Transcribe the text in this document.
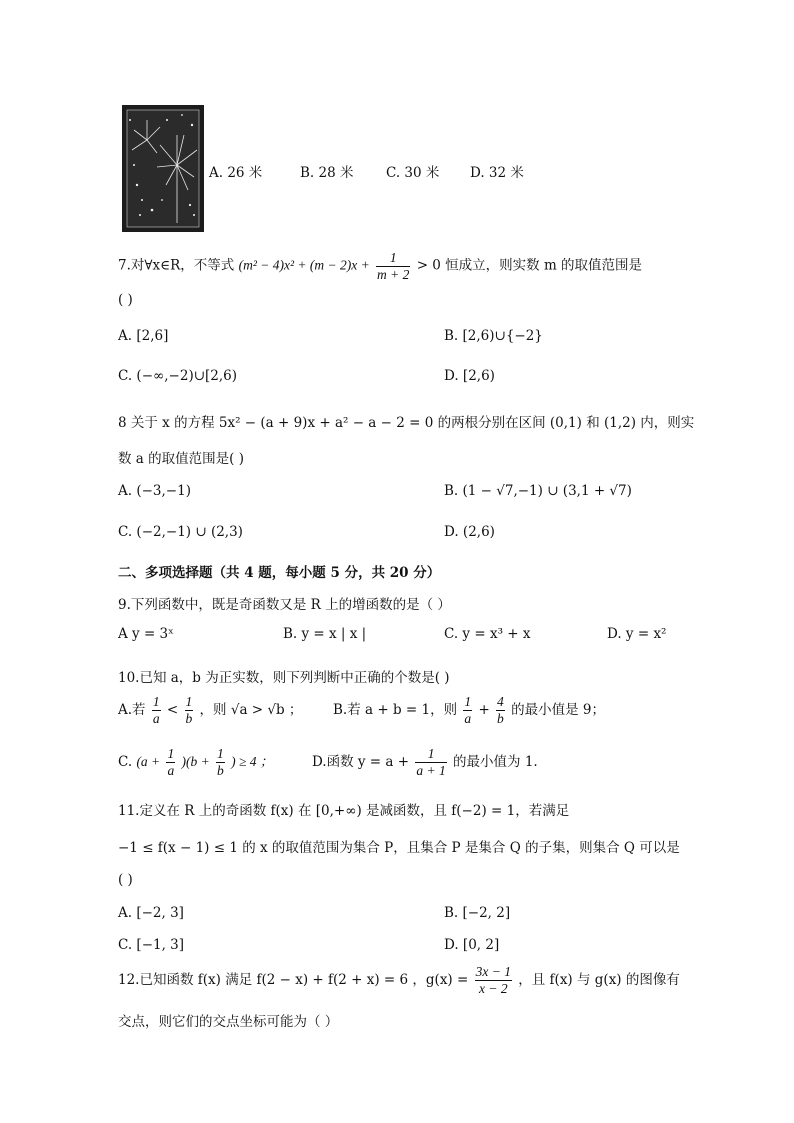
A. 26 米	B. 28 米 C. 30 米 D. 32 米
7.对∀x∈R，不等式 $(m^2 - 4)x^2 + (m - 2)x + \frac{1}{m + 2} > 0$ 恒成立，则实数 m 的取值范围是
( )
A. [2,6]	B. [2,6)∪{−2}
C. (−∞,−2)∪[2,6)	D. [2,6)
8 关于 x 的方程 5x² − (a + 9)x + a² − a − 2 = 0 的两根分别在区间 (0,1) 和 (1,2) 内，则实
数 a 的取值范围是( )
A. (−3,−1)	B. (1 − √7,−1) ∪ (3,1 + √7)
C. (−2,−1) ∪ (2,3)	D. (2,6)
二、多项选择题（共 4 题，每小题 5 分，共 20 分）
9.下列函数中，既是奇函数又是 R 上的增函数的是（ ）
A y = 3ˣ	B. y = x | x |	C. y = x³ + x	D. y = x²
10.已知 a，b 为正实数，则下列判断中正确的个数是( )
A.若 $\frac{1}{a} < \frac{1}{b}$ ，则 √a > √b ； B.若 a + b = 1，则 $\frac{1}{a} + \frac{4}{b}$ 的最小值是 9；
C. $(a + \frac{1}{a} )(b + \frac{1}{b}$ ) ≥ 4 ；	D.函数 $y = a + \frac{1}{a + 1}$ 的最小值为 1.
11.定义在 R 上的奇函数 f(x) 在 [0,+∞) 是减函数，且 f(−2) = 1，若满足
−1 ≤ f(x − 1) ≤ 1 的 x 的取值范围为集合 P，且集合 P 是集合 Q 的子集，则集合 Q 可以是
( )
A. [−2, 3]	B. [−2, 2]
C. [−1, 3]	D. [0, 2]
12.已知函数 f(x) 满足 f(2 − x) + f(2 + x) = 6 ，$g(x) = \frac{3x - 1}{x - 2}$ ，且 f(x) 与 g(x) 的图像有
交点，则它们的交点坐标可能为（ ）
